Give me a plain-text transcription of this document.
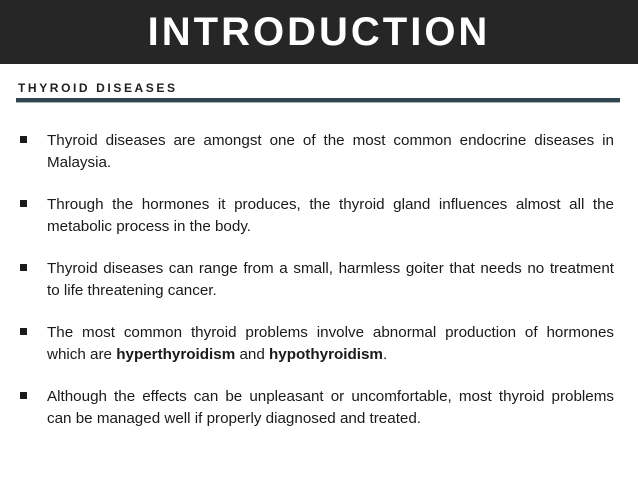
INTRODUCTION
THYROID DISEASES
Thyroid diseases are amongst one of the most common endocrine diseases in Malaysia.
Through the hormones it produces, the thyroid gland influences almost all the metabolic process in the body.
Thyroid diseases can range from a small, harmless goiter that needs no treatment to life threatening cancer.
The most common thyroid problems involve abnormal production of hormones which are hyperthyroidism and hypothyroidism.
Although the effects can be unpleasant or uncomfortable, most thyroid problems can be managed well if properly diagnosed and treated.
